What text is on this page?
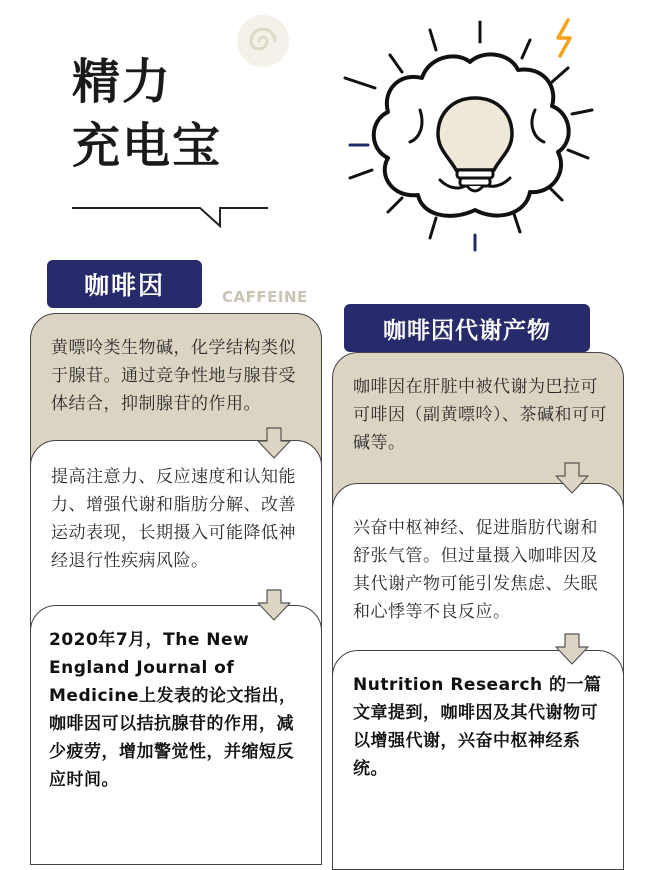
精力
充电宝
咖啡因	CAFFEINE
黄嘌呤类生物碱，化学结构类似于腺苷。通过竞争性地与腺苷受体结合，抑制腺苷的作用。
提高注意力、反应速度和认知能力、增强代谢和脂肪分解、改善运动表现，长期摄入可能降低神经退行性疾病风险。
2020年7月，The New England Journal of Medicine上发表的论文指出，咖啡因可以拮抗腺苷的作用，减少疲劳，增加警觉性，并缩短反应时间。
咖啡因代谢产物
咖啡因在肝脏中被代谢为巴拉可可啡因（副黄嘌呤）、茶碱和可可碱等。
兴奋中枢神经、促进脂肪代谢和舒张气管。但过量摄入咖啡因及其代谢产物可能引发焦虑、失眠和心悸等不良反应。
Nutrition Research 的一篇文章提到，咖啡因及其代谢物可以增强代谢，兴奋中枢神经系统。
